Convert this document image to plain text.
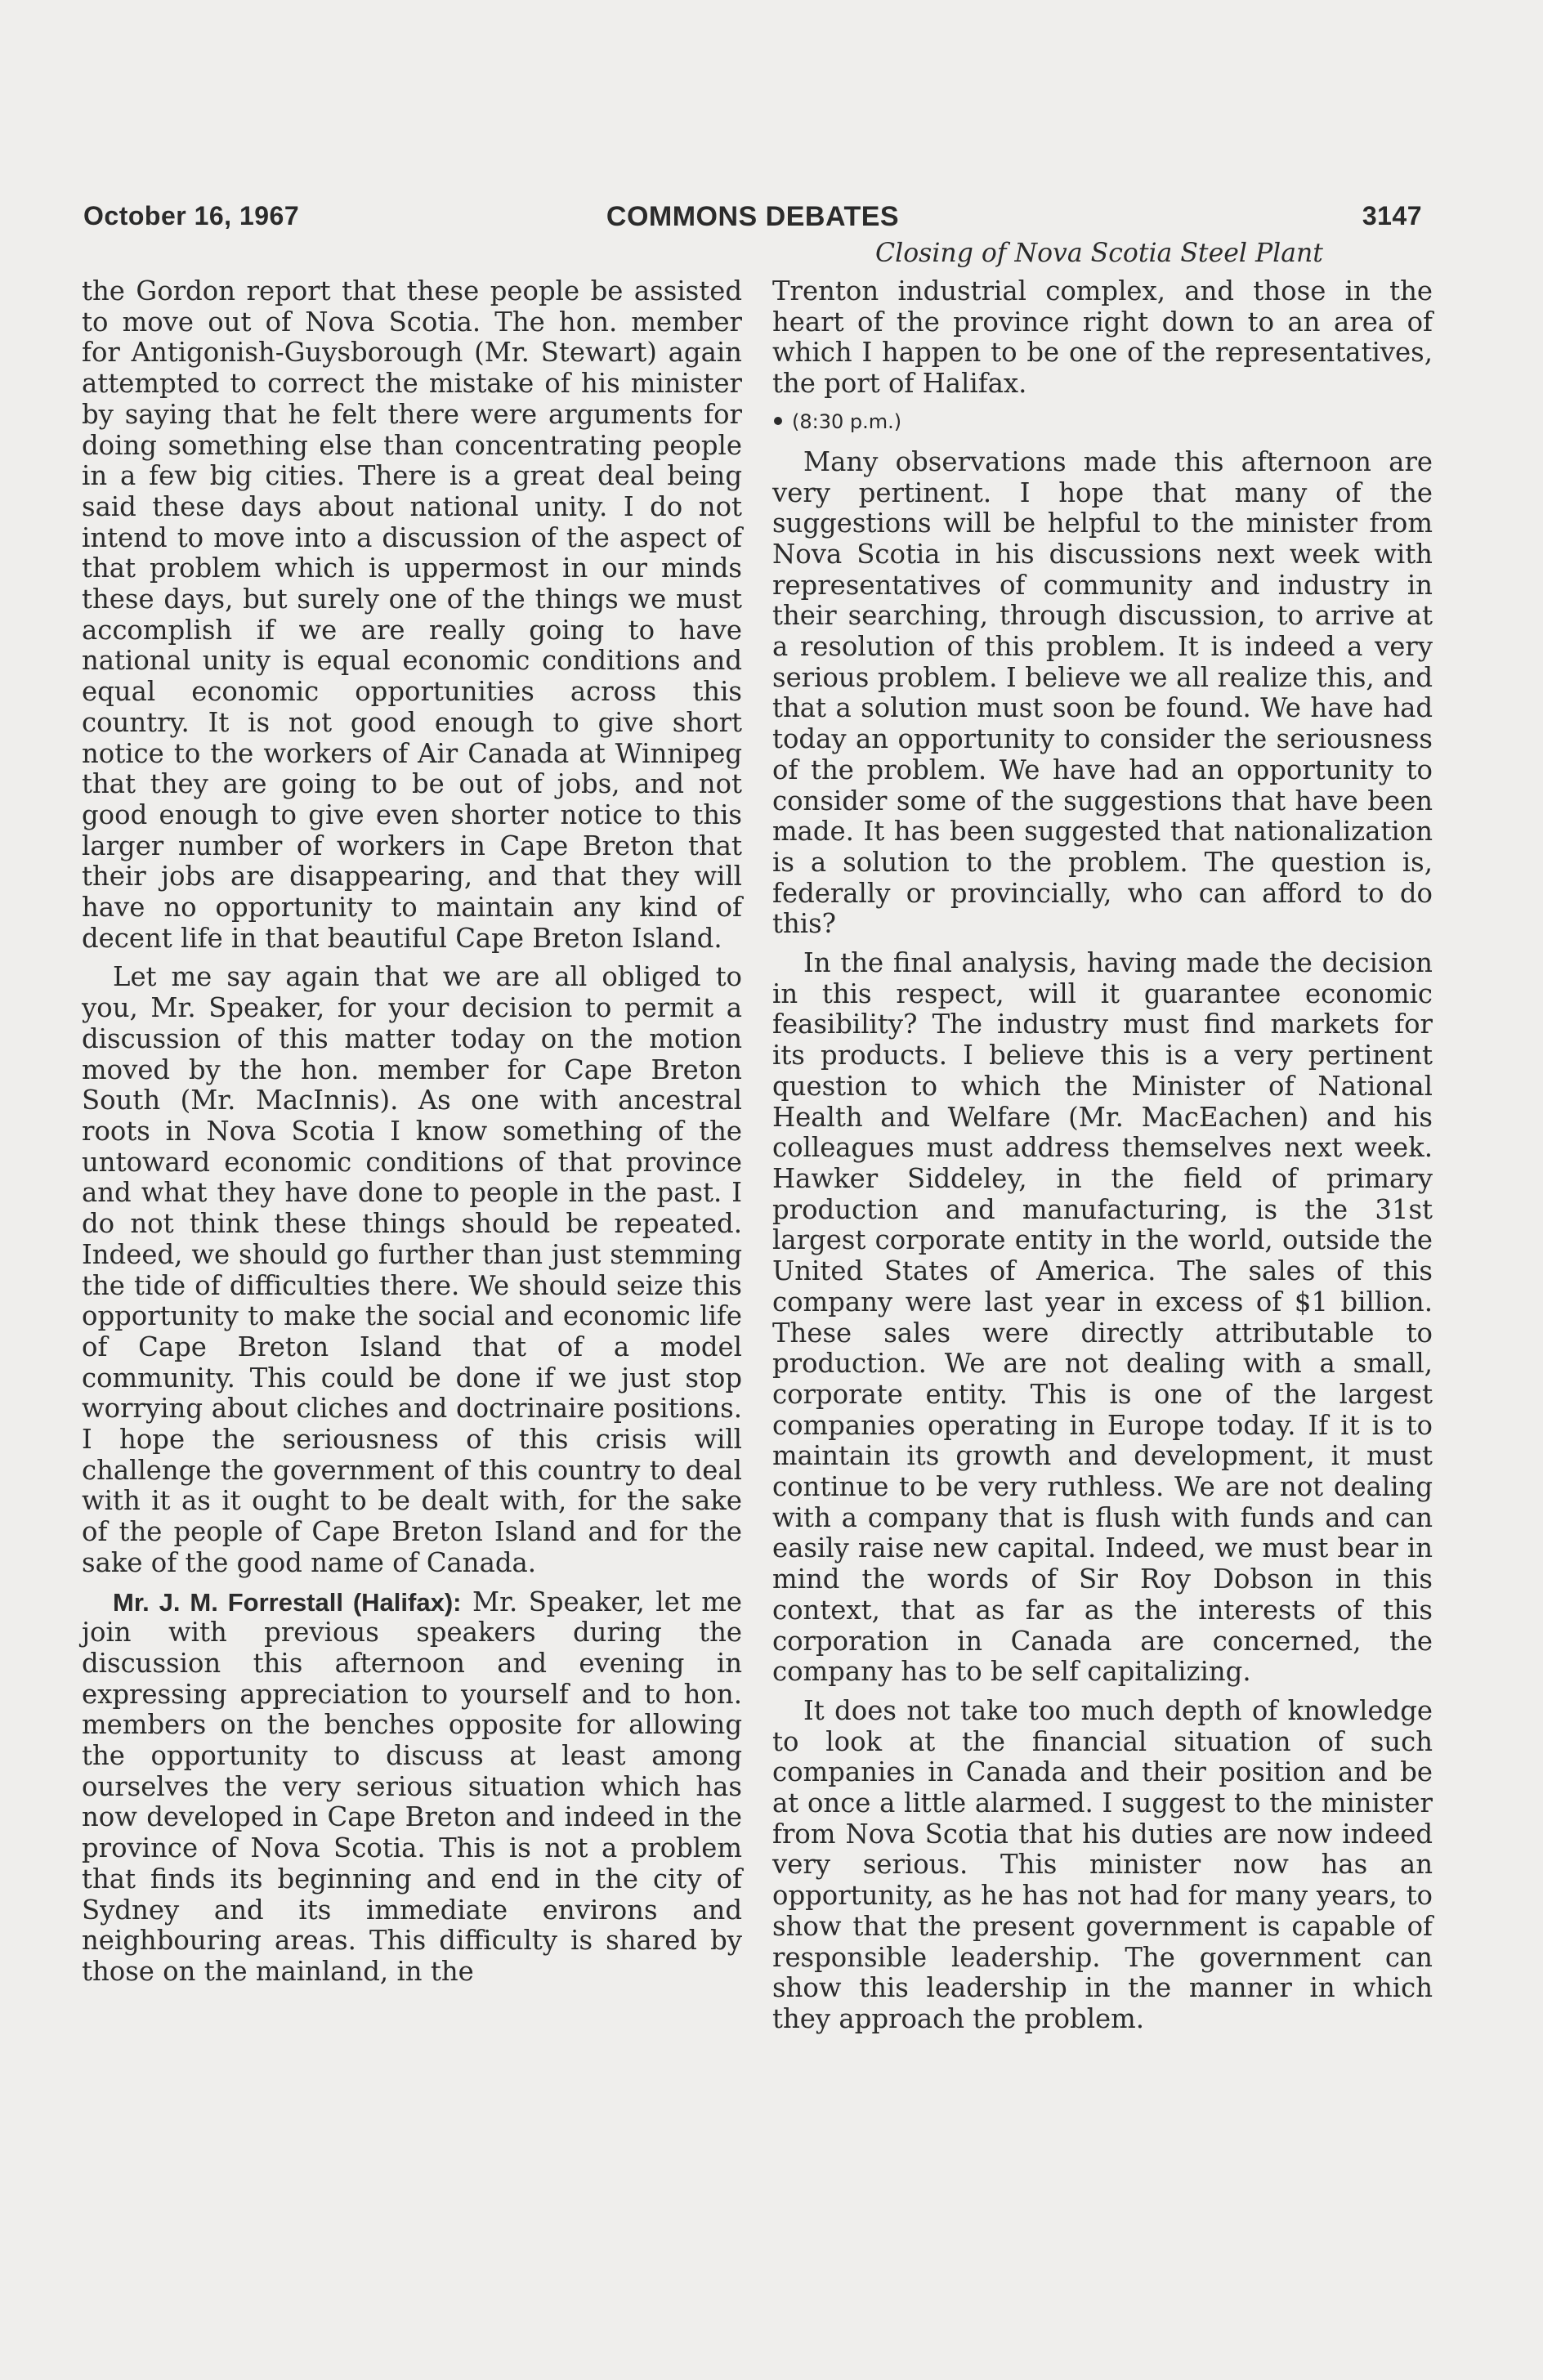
October 16, 1967	COMMONS DEBATES	3147
Closing of Nova Scotia Steel Plant

the Gordon report that these people be assisted to move out of Nova Scotia. The hon. member for Antigonish-Guysborough (Mr. Stewart) again attempted to correct the mistake of his minister by saying that he felt there were arguments for doing something else than concentrating people in a few big cities. There is a great deal being said these days about national unity. I do not intend to move into a discussion of the aspect of that problem which is uppermost in our minds these days, but surely one of the things we must accomplish if we are really going to have national unity is equal economic conditions and equal economic opportunities across this country. It is not good enough to give short notice to the workers of Air Canada at Winnipeg that they are going to be out of jobs, and not good enough to give even shorter notice to this larger number of workers in Cape Breton that their jobs are disappearing, and that they will have no opportunity to maintain any kind of decent life in that beautiful Cape Breton Island.

Let me say again that we are all obliged to you, Mr. Speaker, for your decision to permit a discussion of this matter today on the motion moved by the hon. member for Cape Breton South (Mr. MacInnis). As one with ancestral roots in Nova Scotia I know something of the untoward economic conditions of that province and what they have done to people in the past. I do not think these things should be repeated. Indeed, we should go further than just stemming the tide of difficulties there. We should seize this opportunity to make the social and economic life of Cape Breton Island that of a model community. This could be done if we just stop worrying about cliches and doctrinaire positions. I hope the seriousness of this crisis will challenge the government of this country to deal with it as it ought to be dealt with, for the sake of the people of Cape Breton Island and for the sake of the good name of Canada.

Mr. J. M. Forrestall (Halifax): Mr. Speaker, let me join with previous speakers during the discussion this afternoon and evening in expressing appreciation to yourself and to hon. members on the benches opposite for allowing the opportunity to discuss at least among ourselves the very serious situation which has now developed in Cape Breton and indeed in the province of Nova Scotia. This is not a problem that finds its beginning and end in the city of Sydney and its immediate environs and neighbouring areas. This difficulty is shared by those on the mainland, in the

Trenton industrial complex, and those in the heart of the province right down to an area of which I happen to be one of the representatives, the port of Halifax.

(8:30 p.m.)

Many observations made this afternoon are very pertinent. I hope that many of the suggestions will be helpful to the minister from Nova Scotia in his discussions next week with representatives of community and industry in their searching, through discussion, to arrive at a resolution of this problem. It is indeed a very serious problem. I believe we all realize this, and that a solution must soon be found. We have had today an opportunity to consider the seriousness of the problem. We have had an opportunity to consider some of the suggestions that have been made. It has been suggested that nationalization is a solution to the problem. The question is, federally or provincially, who can afford to do this?

In the final analysis, having made the decision in this respect, will it guarantee economic feasibility? The industry must find markets for its products. I believe this is a very pertinent question to which the Minister of National Health and Welfare (Mr. MacEachen) and his colleagues must address themselves next week. Hawker Siddeley, in the field of primary production and manufacturing, is the 31st largest corporate entity in the world, outside the United States of America. The sales of this company were last year in excess of $1 billion. These sales were directly attributable to production. We are not dealing with a small, corporate entity. This is one of the largest companies operating in Europe today. If it is to maintain its growth and development, it must continue to be very ruthless. We are not dealing with a company that is flush with funds and can easily raise new capital. Indeed, we must bear in mind the words of Sir Roy Dobson in this context, that as far as the interests of this corporation in Canada are concerned, the company has to be self capitalizing.

It does not take too much depth of knowledge to look at the financial situation of such companies in Canada and their position and be at once a little alarmed. I suggest to the minister from Nova Scotia that his duties are now indeed very serious. This minister now has an opportunity, as he has not had for many years, to show that the present government is capable of responsible leadership. The government can show this leadership in the manner in which they approach the problem.
